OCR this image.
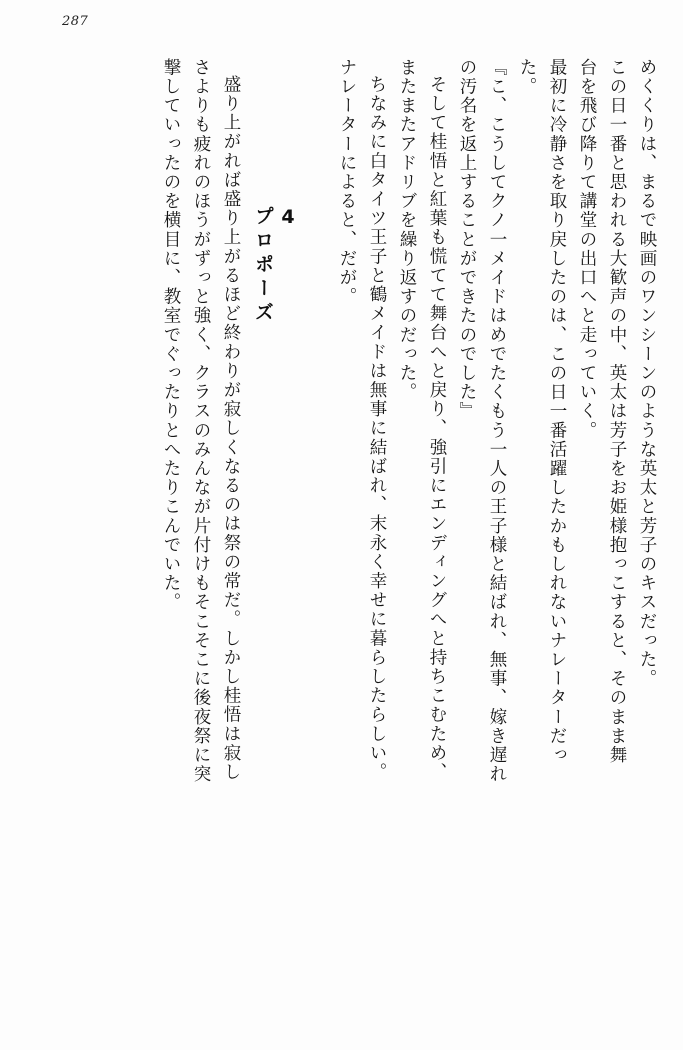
287
めくくりは、まるで映画のワンシーンのような英太と芳子のキスだった。
この日一番と思われる大歓声の中、英太は芳子をお姫様抱っこすると、そのまま舞
台を飛び降りて講堂の出口へと走っていく。
最初に冷静さを取り戻したのは、この日一番活躍したかもしれないナレーターだっ
た。
『こ、こうしてクノ一メイドはめでたくもう一人の王子様と結ばれ、無事、嫁き遅れ
の汚名を返上することができたのでした』
そして桂悟と紅葉も慌てて舞台へと戻り、強引にエンディングへと持ちこむため、
またまたアドリブを繰り返すのだった。
ちなみに白タイツ王子と鶴メイドは無事に結ばれ、末永く幸せに暮らしたらしい。
ナレーターによると、だが。
4
プロポーズ
盛り上がれば盛り上がるほど終わりが寂しくなるのは祭の常だ。しかし桂悟は寂し
さよりも疲れのほうがずっと強く、クラスのみんなが片付けもそこそこに後夜祭に突
撃していったのを横目に、教室でぐったりとへたりこんでいた。
